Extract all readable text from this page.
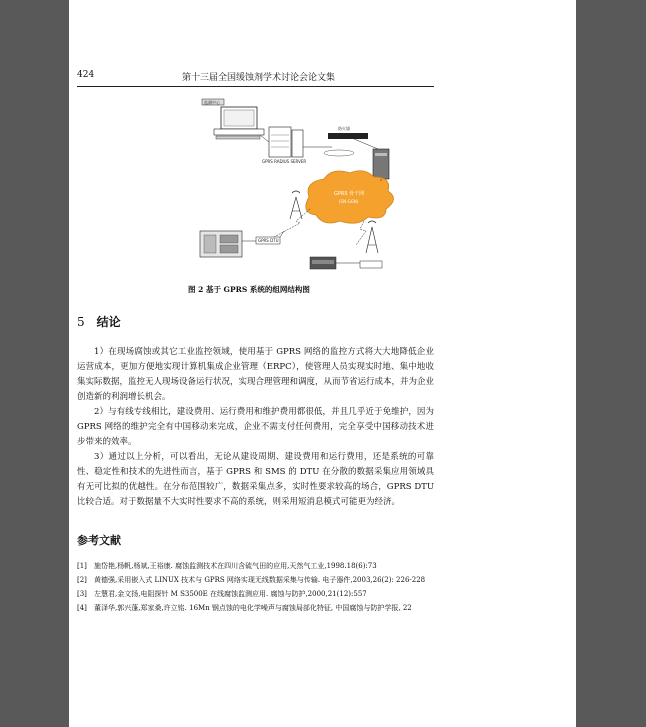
424	第十三届全国缓蚀剂学术讨论会论文集
监测中心
GPRS RADIUS SERVER
防火墙
GPRS 骨干网
(SN-GGN)
GPRS DTU
图 2 基于 GPRS 系统的组网结构图
5 结论

1）在现场腐蚀或其它工业监控领域，使用基于 GPRS 网络的监控方式将大大地降低企业运营成本，更加方便地实现计算机集成企业管理（ERPC），使管理人员实现实时地、集中地收集实际数据，监控无人现场设备运行状况，实现合理管理和调度，从而节省运行成本，并为企业创造新的利润增长机会。

2）与有线专线相比，建设费用、运行费用和维护费用都很低，并且几乎近于免维护，因为 GPRS 网络的维护完全有中国移动来完成，企业不需支付任何费用，完全享受中国移动技术进步带来的效率。

3）通过以上分析，可以看出，无论从建设周期、建设费用和运行费用，还是系统的可靠性、稳定性和技术的先进性而言，基于 GPRS 和 SMS 的 DTU 在分散的数据采集应用领域具有无可比拟的优越性。在分布范围较广，数据采集点多，实时性要求较高的场合，GPRS DTU 比较合适。对于数据量不大实时性要求不高的系统，则采用短消息模式可能更为经济。

参考文献
[1] 施岱艳,杨帆,杨斌,王裕康. 腐蚀监测技术在四川含硫气田的应用,天然气工业,1998.18(6):73
[2] 黄德强,采用嵌入式 LINUX 技术与 GPRS 网络实现无线数据采集与传输. 电子器件,2003,26(2): 226-228
[3] 左慧君,金文扬,电阻探针 M S3500E 在线腐蚀监测应用. 腐蚀与防护,2000,21(12):557
[4] 董泽华,郭兴蓬,郑家桑,许立铭. 16Mn 钢点蚀的电化学噪声与腐蚀局部化特征, 中国腐蚀与防护学报, 22
